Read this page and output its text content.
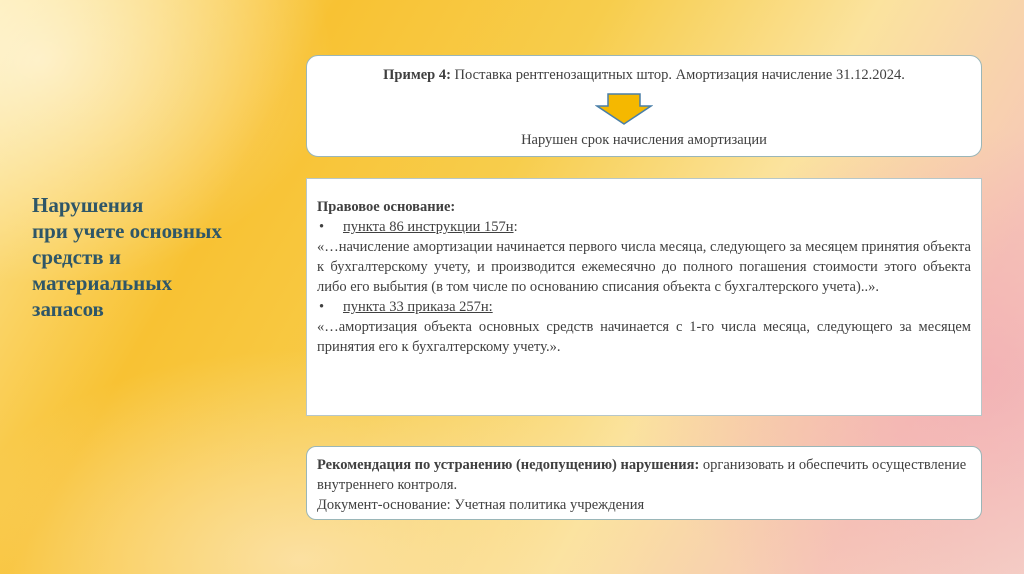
Нарушения
при учете основных
средств и
материальных
запасов
Пример 4: Поставка рентгенозащитных штор. Амортизация начисление 31.12.2024.
Нарушен срок начисления амортизации

Правовое основание:

•	пункта 86 инструкции 157н:

«…начисление амортизации начинается первого числа месяца, следующего за месяцем принятия объекта к бухгалтерскому учету, и производится ежемесячно до полного погашения стоимости этого объекта либо его выбытия (в том числе по основанию списания объекта с бухгалтерского учета)..».

•	пункта 33 приказа 257н:

«…амортизация объекта основных средств начинается с 1-го числа месяца, следующего за месяцем принятия его к бухгалтерскому учету.».

Рекомендация по устранению (недопущению) нарушения: организовать и обеспечить осуществление внутреннего контроля.

Документ-основание: Учетная политика учреждения
